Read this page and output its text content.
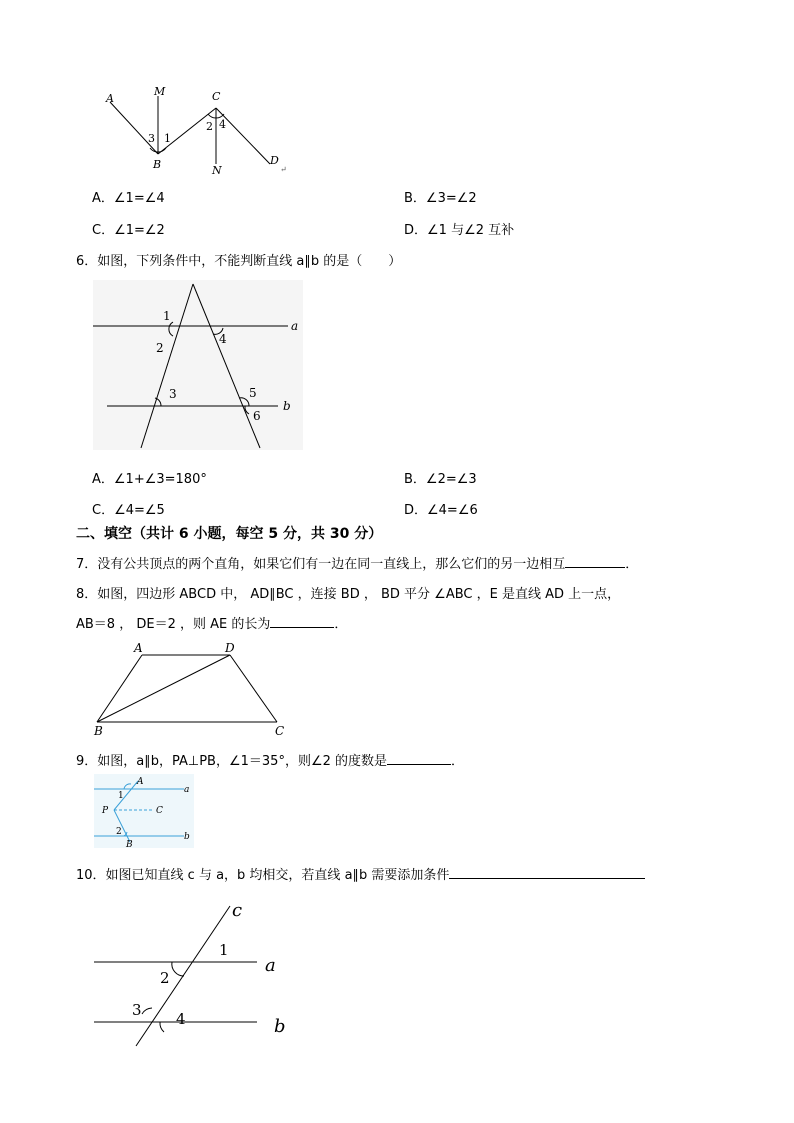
A
M	C
3 1
2 4
B	N
D
↵
A．∠1=∠4	B．∠3=∠2
C．∠1=∠2	D．∠1 与∠2 互补
6．如图，下列条件中，不能判断直线 a∥b 的是（　　）
1
2
4
a
3	5
6
b
A．∠1+∠3=180°	B．∠2=∠3
C．∠4=∠5	D．∠4=∠6
二、填空（共计 6 小题，每空 5 分，共 30 分）
7．没有公共顶点的两个直角，如果它们有一边在同一直线上，那么它们的另一边相互	．
8．如图，四边形 ABCD 中， AD∥BC ，连接 BD ， BD 平分 ∠ABC ，E 是直线 AD 上一点，
AB＝8 ， DE＝2 ，则 AE 的长为	．
A	D
B	C
9．如图，a∥b，PA⊥PB，∠1＝35°，则∠2 的度数是	．
A
a
1
P	C
2
B
b
10．如图已知直线 c 与 a，b 均相交，若直线 a∥b 需要添加条件
c
1
a
2
3 4	b
